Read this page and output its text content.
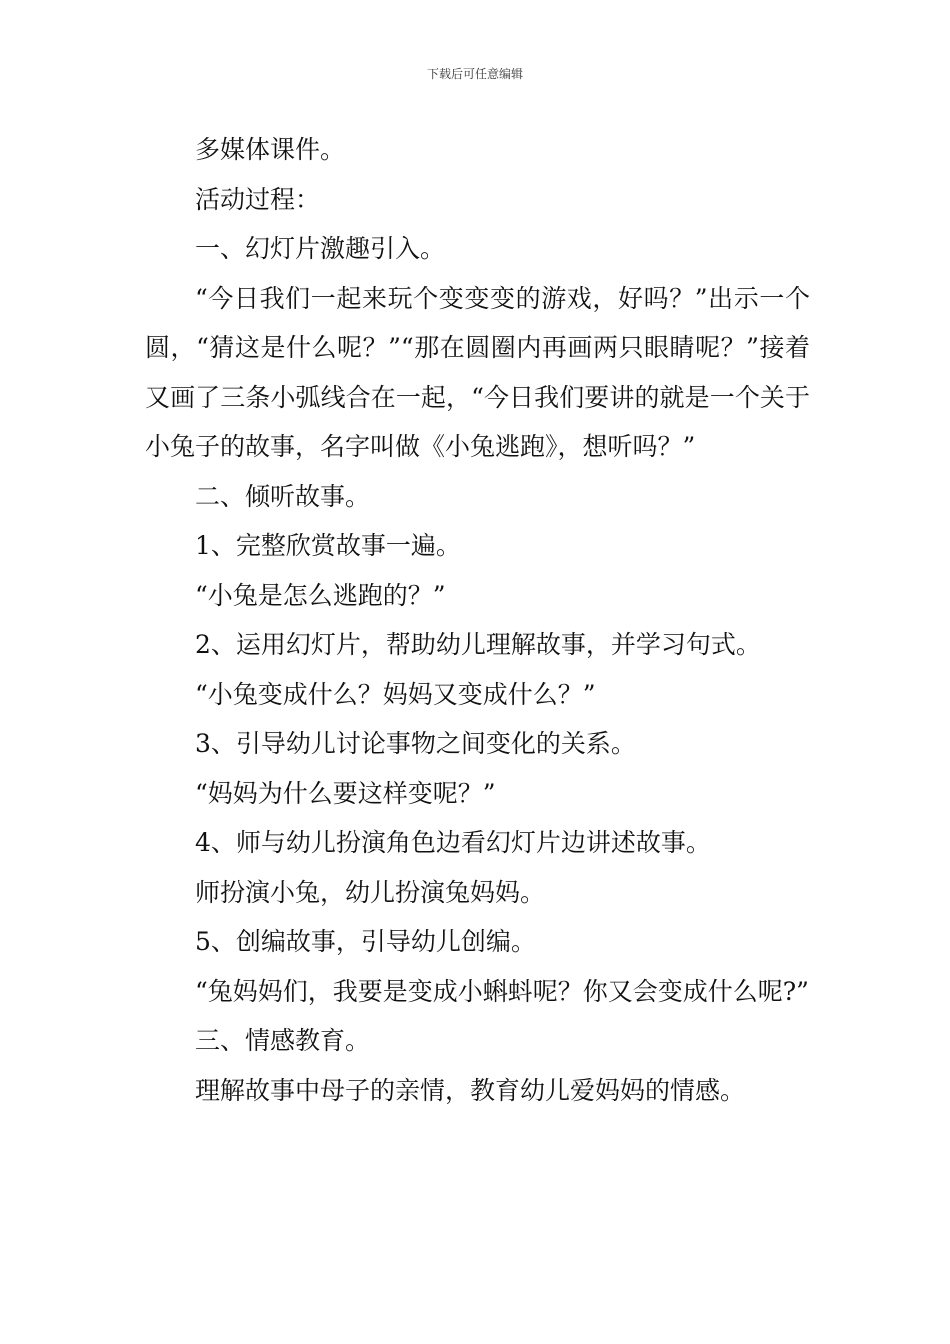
下载后可任意编辑

多媒体课件。

活动过程：

一、幻灯片激趣引入。

“今日我们一起来玩个变变变的游戏，好吗？”出示一个圆，“猜这是什么呢？”“那在圆圈内再画两只眼睛呢？”接着又画了三条小弧线合在一起，“今日我们要讲的就是一个关于小兔子的故事，名字叫做《小兔逃跑》，想听吗？”

二、倾听故事。

1、完整欣赏故事一遍。

“小兔是怎么逃跑的？”

2、运用幻灯片，帮助幼儿理解故事，并学习句式。

“小兔变成什么？妈妈又变成什么？”

3、引导幼儿讨论事物之间变化的关系。

“妈妈为什么要这样变呢？”

4、师与幼儿扮演角色边看幻灯片边讲述故事。

师扮演小兔，幼儿扮演兔妈妈。

5、创编故事，引导幼儿创编。

“兔妈妈们，我要是变成小蝌蚪呢？你又会变成什么呢?”

三、情感教育。

理解故事中母子的亲情，教育幼儿爱妈妈的情感。
